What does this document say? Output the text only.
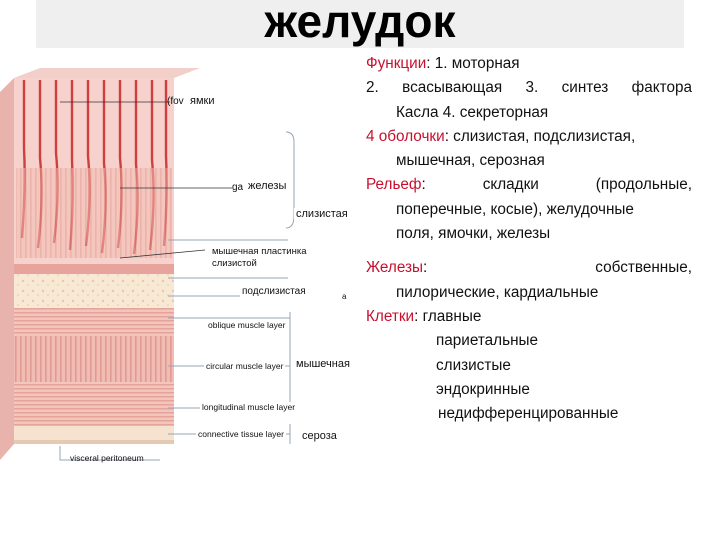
желудок
(fov ямки
ga железы
слизистая
мышечная пластинка
слизистой
подслизистая	a
oblique muscle layer
circular muscle layer мышечная
longitudinal muscle layer
connective tissue layer сероза
visceral peritoneum

Функции: 1. моторная

2. всасывающая 3. синтез фактора

Касла 4. секреторная

4 оболочки: слизистая, подслизистая,

мышечная, серозная

Рельеф: складки (продольные,

поперечные, косые), желудочные

поля, ямочки, железы

Железы: собственные,

пилорические, кардиальные

Клетки: главные

париетальные

слизистые

эндокринные

недифференцированные
